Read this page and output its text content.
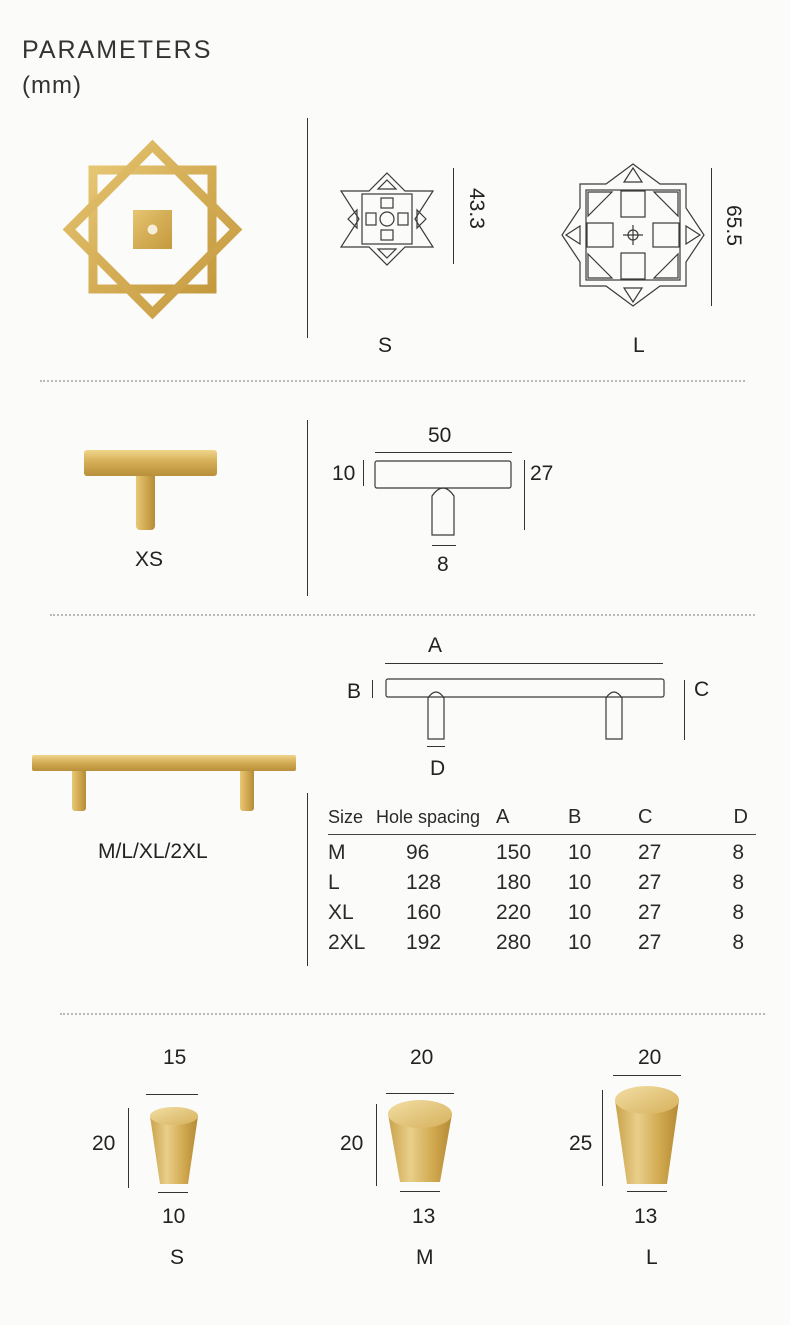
PARAMETERS
(mm)
43.3
S
65.5
L
XS
50
10	27
8
M/L/XL/2XL
A
B	C
D
Size	Hole spacing	A	B	C	D
M	96	150	10	27	8
L	128	180	10	27	8
XL	160	220	10	27	8
2XL	192	280	10	27	8
15
20
10
S
20
20
13
M
20
25
13
L
